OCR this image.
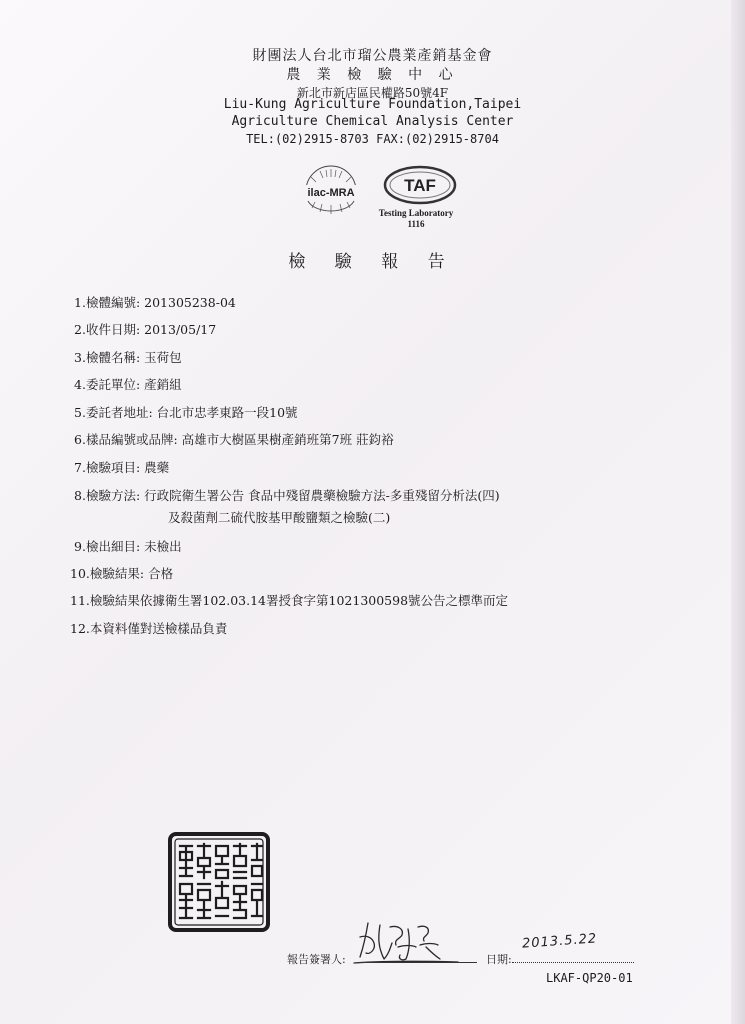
財團法人台北市瑠公農業產銷基金會
農 業 檢 驗 中 心
新北市新店區民權路50號4F
Liu-Kung Agriculture Foundation,Taipei
Agriculture Chemical Analysis Center
TEL:(02)2915-8703 FAX:(02)2915-8704
ilac-MRA	TAF
Testing Laboratory
1116
檢 驗 報 告
1.檢體編號: 201305238-04
2.收件日期: 2013/05/17
3.檢體名稱: 玉荷包
4.委託單位: 產銷組
5.委託者地址: 台北市忠孝東路一段10號
6.樣品編號或品牌: 高雄市大樹區果樹產銷班第7班 莊鈞裕
7.檢驗項目: 農藥
8.檢驗方法: 行政院衛生署公告 食品中殘留農藥檢驗方法-多重殘留分析法(四)
及殺菌劑二硫代胺基甲酸鹽類之檢驗(二)
9.檢出細目: 未檢出
10.檢驗結果: 合格
11.檢驗結果依據衛生署102.03.14署授食字第1021300598號公告之標準而定
12.本資料僅對送檢樣品負責
報告簽署人:	日期:
2013.5.22
LKAF-QP20-01
